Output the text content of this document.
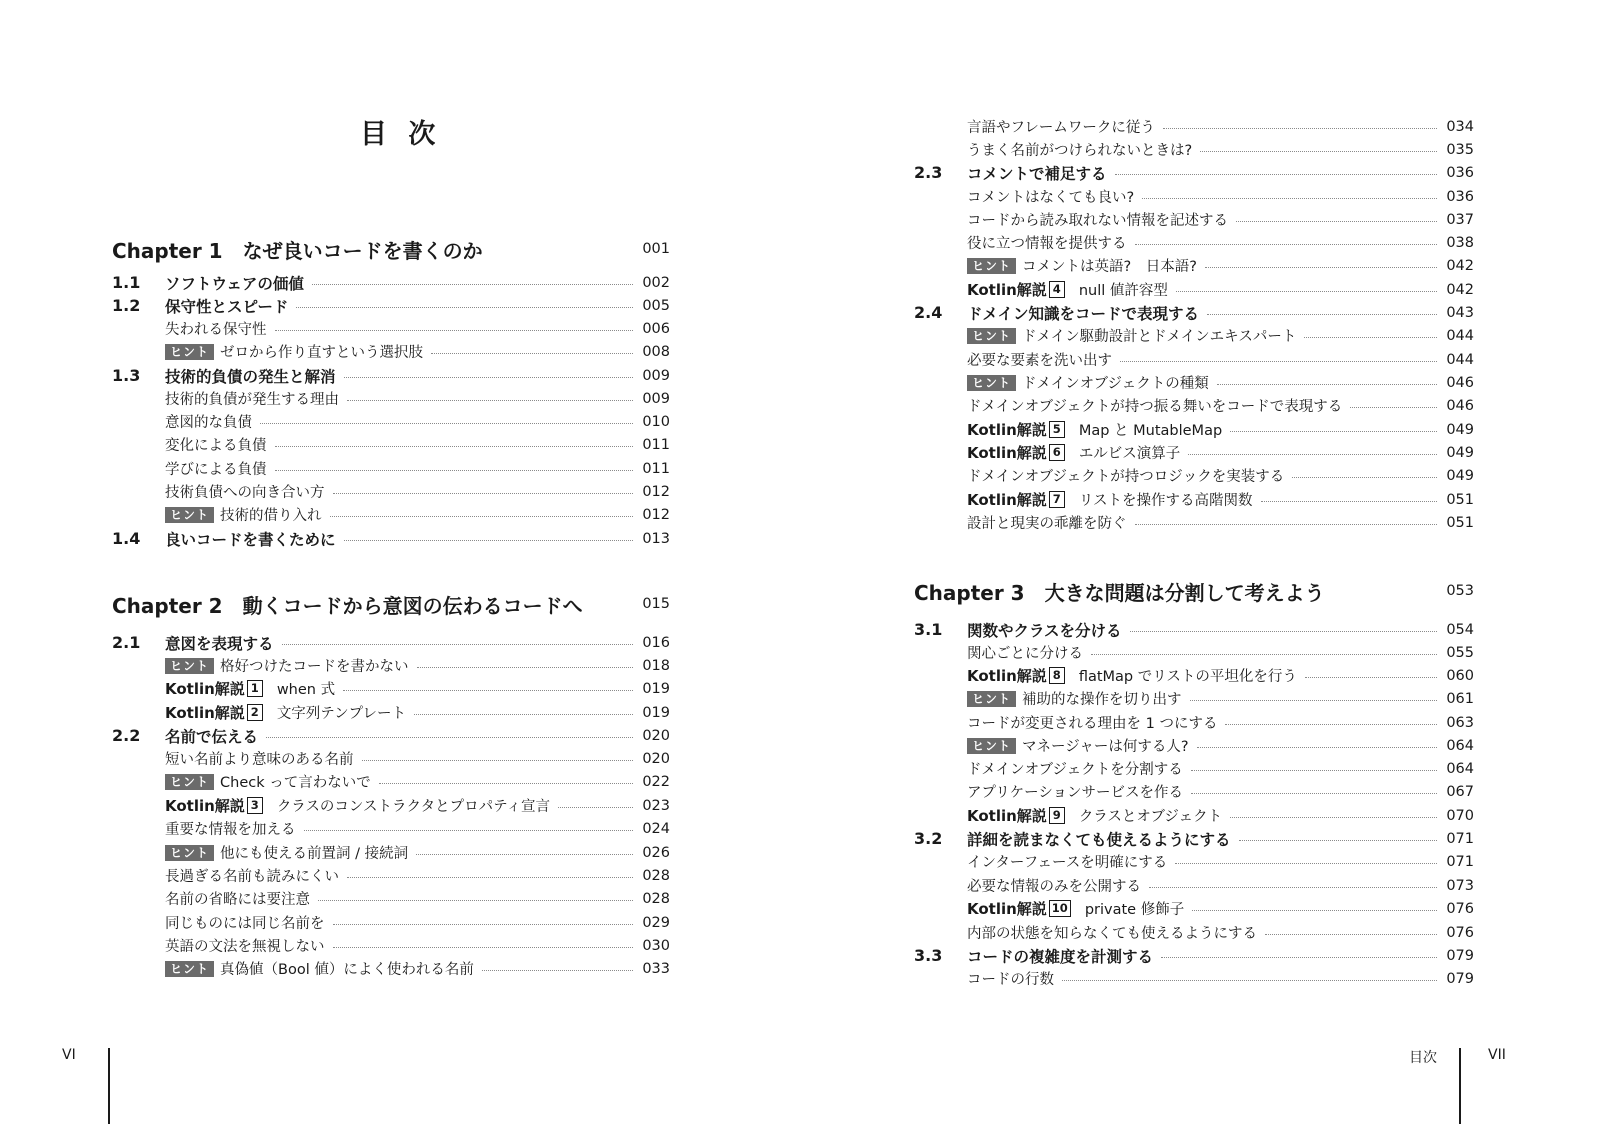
目 次
Chapter 1　なぜ良いコードを書くのか	001
1.1	ソフトウェアの価値	002
1.2	保守性とスピード	005
失われる保守性	006
ヒント ゼロから作り直すという選択肢	008
1.3	技術的負債の発生と解消	009
技術的負債が発生する理由	009
意図的な負債	010
変化による負債	011
学びによる負債	011
技術負債への向き合い方	012
ヒント 技術的借り入れ	012
1.4	良いコードを書くために	013
Chapter 2　動くコードから意図の伝わるコードへ	015
2.1	意図を表現する	016
ヒント 格好つけたコードを書かない	018
Kotlin解説 1 when 式	019
Kotlin解説 2 文字列テンプレート	019
2.2	名前で伝える	020
短い名前より意味のある名前	020
ヒント Check って言わないで	022
Kotlin解説 3 クラスのコンストラクタとプロパティ宣言	023
重要な情報を加える	024
ヒント 他にも使える前置詞 / 接続詞	026
長過ぎる名前も読みにくい	028
名前の省略には要注意	028
同じものには同じ名前を	029
英語の文法を無視しない	030
ヒント 真偽値（Bool 値）によく使われる名前	033
VI
言語やフレームワークに従う	034
うまく名前がつけられないときは?	035
2.3	コメントで補足する	036
コメントはなくても良い?	036
コードから読み取れない情報を記述する	037
役に立つ情報を提供する	038
ヒント コメントは英語?　日本語?	042
Kotlin解説 4 null 値許容型	042
2.4	ドメイン知識をコードで表現する	043
ヒント ドメイン駆動設計とドメインエキスパート	044
必要な要素を洗い出す	044
ヒント ドメインオブジェクトの種類	046
ドメインオブジェクトが持つ振る舞いをコードで表現する	046
Kotlin解説 5 Map と MutableMap	049
Kotlin解説 6 エルビス演算子	049
ドメインオブジェクトが持つロジックを実装する	049
Kotlin解説 7 リストを操作する高階関数	051
設計と現実の乖離を防ぐ	051
Chapter 3　大きな問題は分割して考えよう	053
3.1	関数やクラスを分ける	054
関心ごとに分ける	055
Kotlin解説 8 flatMap でリストの平坦化を行う	060
ヒント 補助的な操作を切り出す	061
コードが変更される理由を 1 つにする	063
ヒント マネージャーは何する人?	064
ドメインオブジェクトを分割する	064
アプリケーションサービスを作る	067
Kotlin解説 9 クラスとオブジェクト	070
3.2	詳細を読まなくても使えるようにする	071
インターフェースを明確にする	071
必要な情報のみを公開する	073
Kotlin解説 10 private 修飾子	076
内部の状態を知らなくても使えるようにする	076
3.3	コードの複雑度を計測する	079
コードの行数	079
目次	VII
